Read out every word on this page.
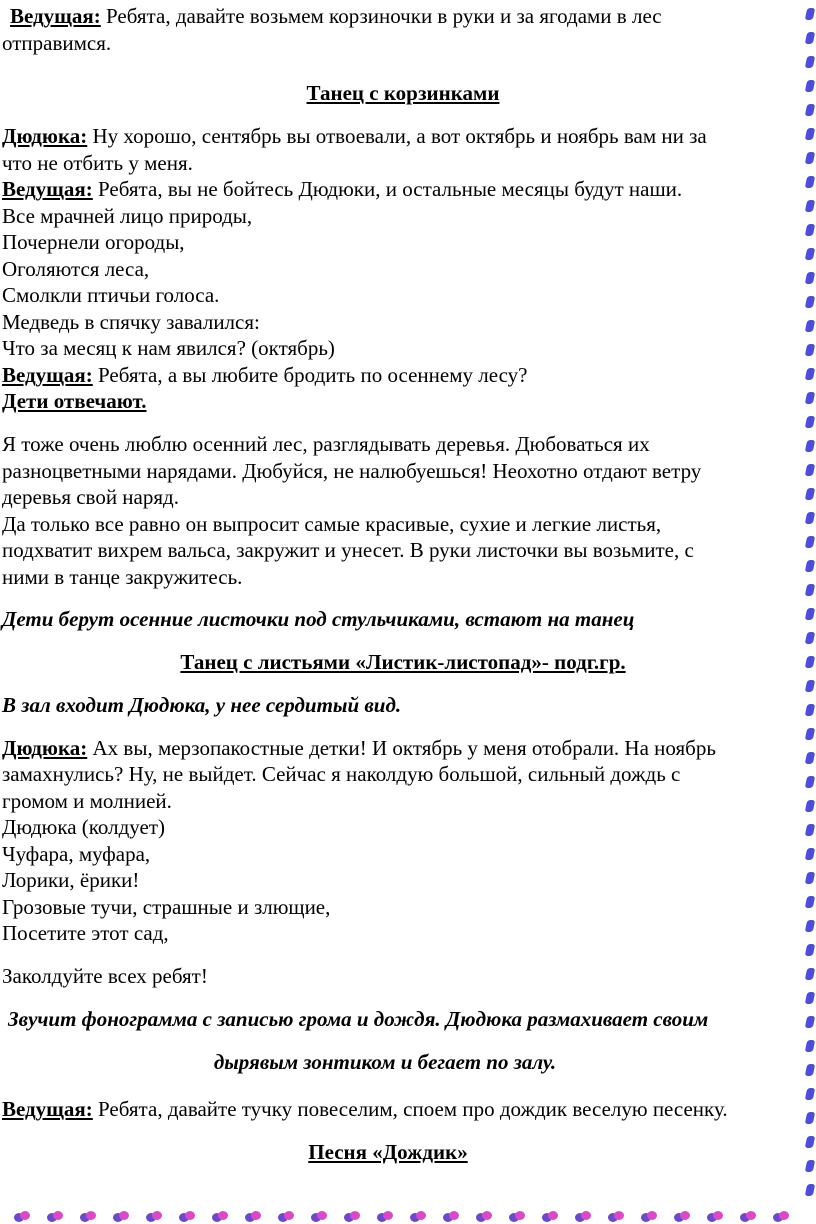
Ведущая: Ребята, давайте возьмем корзиночки в руки и за ягодами в лес
отправимся.
Танец с корзинками
Дюдюка: Ну хорошо, сентябрь вы отвоевали, а вот октябрь и ноябрь вам ни за
что не отбить у меня.
Ведущая: Ребята, вы не бойтесь Дюдюки, и остальные месяцы будут наши.
Все мрачней лицо природы,
Почернели огороды,
Оголяются леса,
Смолкли птичьи голоса.
Медведь в спячку завалился:
Что за месяц к нам явился? (октябрь)
Ведущая: Ребята, а вы любите бродить по осеннему лесу?
Дети отвечают.
Я тоже очень люблю осенний лес, разглядывать деревья. Дюбоваться их
разноцветными нарядами. Дюбуйся, не налюбуешься! Неохотно отдают ветру
деревья свой наряд.
Да только все равно он выпросит самые красивые, сухие и легкие листья,
подхватит вихрем вальса, закружит и унесет. В руки листочки вы возьмите, с
ними в танце закружитесь.
Дети берут осенние листочки под стульчиками, встают на танец
Танец с листьями «Листик-листопад»- подг.гр.
В зал входит Дюдюка, у нее сердитый вид.
Дюдюка: Ах вы, мерзопакостные детки! И октябрь у меня отобрали. На ноябрь
замахнулись? Ну, не выйдет. Сейчас я наколдую большой, сильный дождь с
громом и молнией.
Дюдюка (колдует)
Чуфара, муфара,
Лорики, ёрики!
Грозовые тучи, страшные и злющие,
Посетите этот сад,
Заколдуйте всех ребят!
Звучит фонограмма с записью грома и дождя. Дюдюка размахивает своим
дырявым зонтиком и бегает по залу.
Ведущая: Ребята, давайте тучку повеселим, споем про дождик веселую песенку.
Песня «Дождик»
